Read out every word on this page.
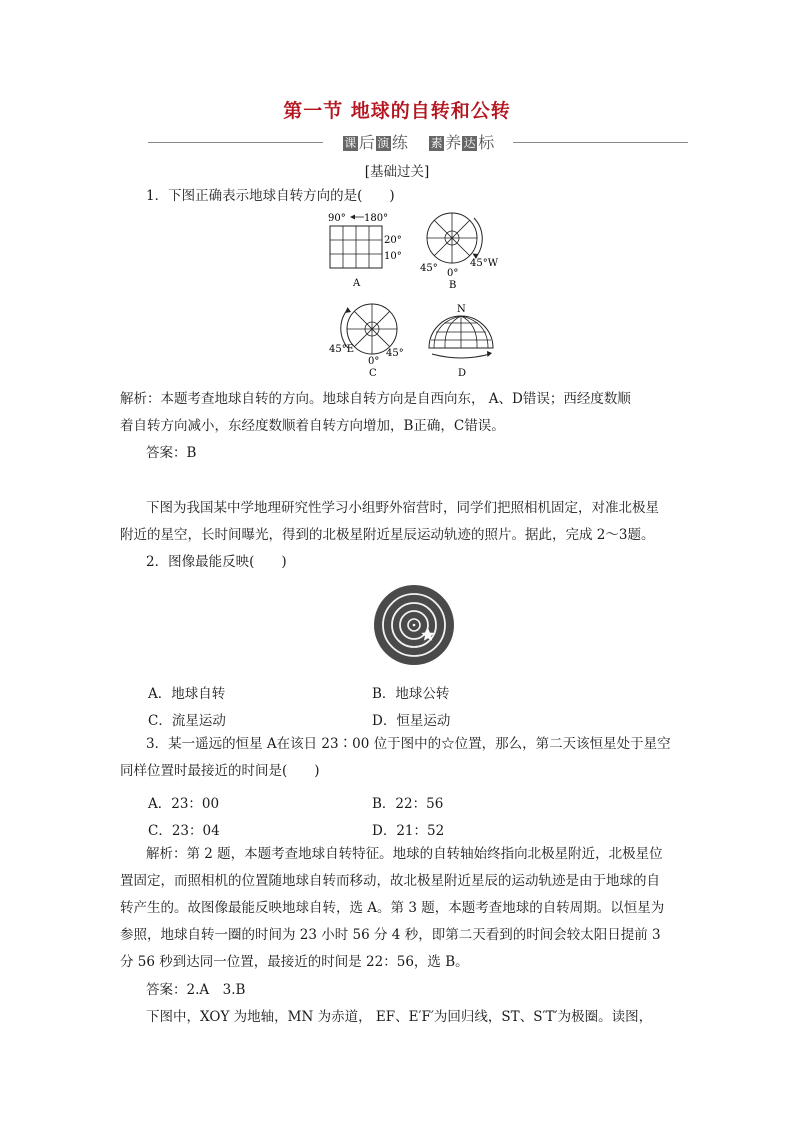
第一节 地球的自转和公转
课 后 演 练 素 养 达 标
[基础过关]
1．下图正确表示地球自转方向的是(　　)
90° 180°
20°
10°
A
45° 0°
45°W
B
45°E
0°
45°
C
N
D
解析：本题考查地球自转的方向。地球自转方向是自西向东， A、D错误；西经度数顺
着自转方向减小，东经度数顺着自转方向增加，B正确，C错误。
答案：B
下图为我国某中学地理研究性学习小组野外宿营时，同学们把照相机固定，对准北极星
附近的星空，长时间曝光，得到的北极星附近星辰运动轨迹的照片。据此，完成 2～3题。
2．图像最能反映(　　)
A．地球自转	B．地球公转
C．流星运动	D．恒星运动
3．某一遥远的恒星 A在该日 23∶00 位于图中的☆位置，那么，第二天该恒星处于星空
同样位置时最接近的时间是(　　)
A．23：00	B．22：56
C．23：04	D．21：52
解析：第 2 题，本题考查地球自转特征。地球的自转轴始终指向北极星附近，北极星位
置固定，而照相机的位置随地球自转而移动，故北极星附近星辰的运动轨迹是由于地球的自
转产生的。故图像最能反映地球自转，选 A。第 3 题，本题考查地球的自转周期。以恒星为
参照，地球自转一圈的时间为 23 小时 56 分 4 秒，即第二天看到的时间会较太阳日提前 3
分 56 秒到达同一位置，最接近的时间是 22：56，选 B。
答案：2.A　3.B
下图中，XOY 为地轴，MN 为赤道， EF、E′F′为回归线，ST、S′T′为极圈。读图，
